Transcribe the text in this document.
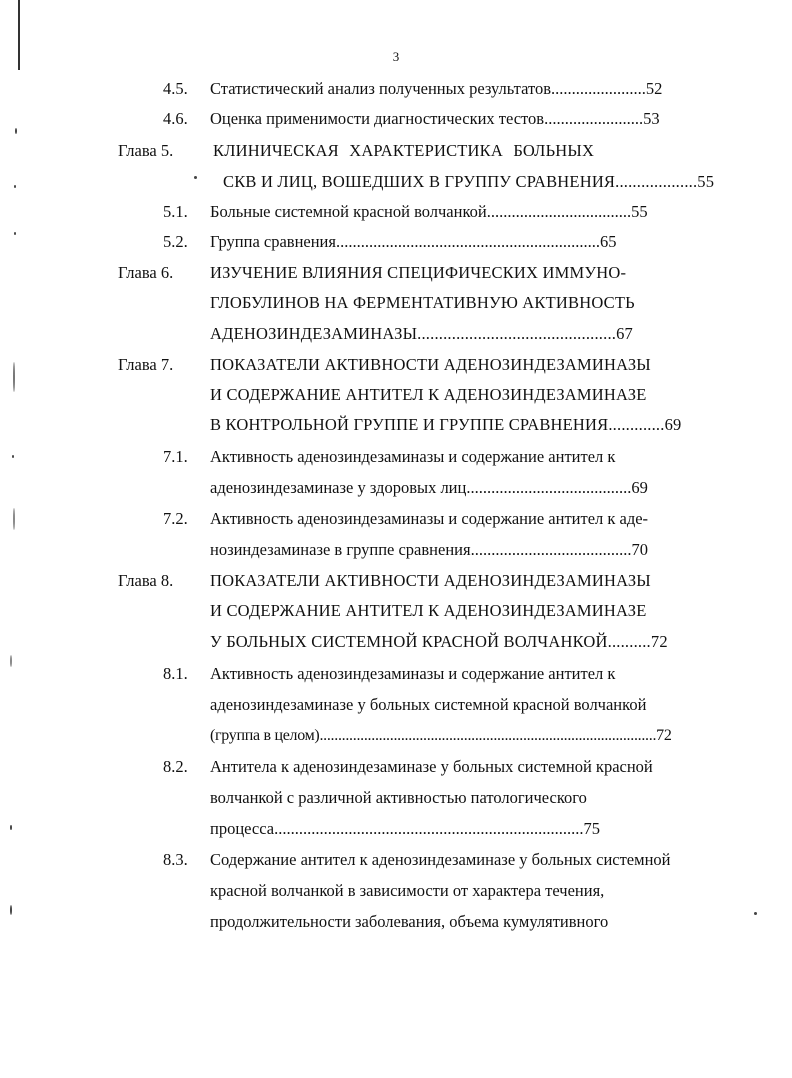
3
4.5. Статистический анализ полученных результатов.......................52
4.6. Оценка применимости диагностических тестов........................53
Глава 5. КЛИНИЧЕСКАЯ ХАРАКТЕРИСТИКА БОЛЬНЫХ
СКВ И ЛИЦ, ВОШЕДШИХ В ГРУППУ СРАВНЕНИЯ...................55
5.1. Больные системной красной волчанкой...................................55
5.2. Группа сравнения................................................................65
Глава 6. ИЗУЧЕНИЕ ВЛИЯНИЯ СПЕЦИФИЧЕСКИХ ИММУНО-
ГЛОБУЛИНОВ НА ФЕРМЕНТАТИВНУЮ АКТИВНОСТЬ
АДЕНОЗИНДЕЗАМИНАЗЫ..............................................67
Глава 7. ПОКАЗАТЕЛИ АКТИВНОСТИ АДЕНОЗИНДЕЗАМИНАЗЫ
И СОДЕРЖАНИЕ АНТИТЕЛ К АДЕНОЗИНДЕЗАМИНАЗЕ
В КОНТРОЛЬНОЙ ГРУППЕ И ГРУППЕ СРАВНЕНИЯ.............69
7.1. Активность аденозиндезаминазы и содержание антител к
аденозиндезаминазе у здоровых лиц........................................69
7.2. Активность аденозиндезаминазы и содержание антител к аде-
нозиндезаминазе в группе сравнения.......................................70
Глава 8. ПОКАЗАТЕЛИ АКТИВНОСТИ АДЕНОЗИНДЕЗАМИНАЗЫ
И СОДЕРЖАНИЕ АНТИТЕЛ К АДЕНОЗИНДЕЗАМИНАЗЕ
У БОЛЬНЫХ СИСТЕМНОЙ КРАСНОЙ ВОЛЧАНКОЙ..........72
8.1. Активность аденозиндезаминазы и содержание антител к
аденозиндезаминазе у больных системной красной волчанкой
(группа в целом)...........................................................................................72
8.2. Антитела к аденозиндезаминазе у больных системной красной
волчанкой с различной активностью патологического
процесса...........................................................................75
8.3. Содержание антител к аденозиндезаминазе у больных системной
красной волчанкой в зависимости от характера течения,
продолжительности заболевания, объема кумулятивного
